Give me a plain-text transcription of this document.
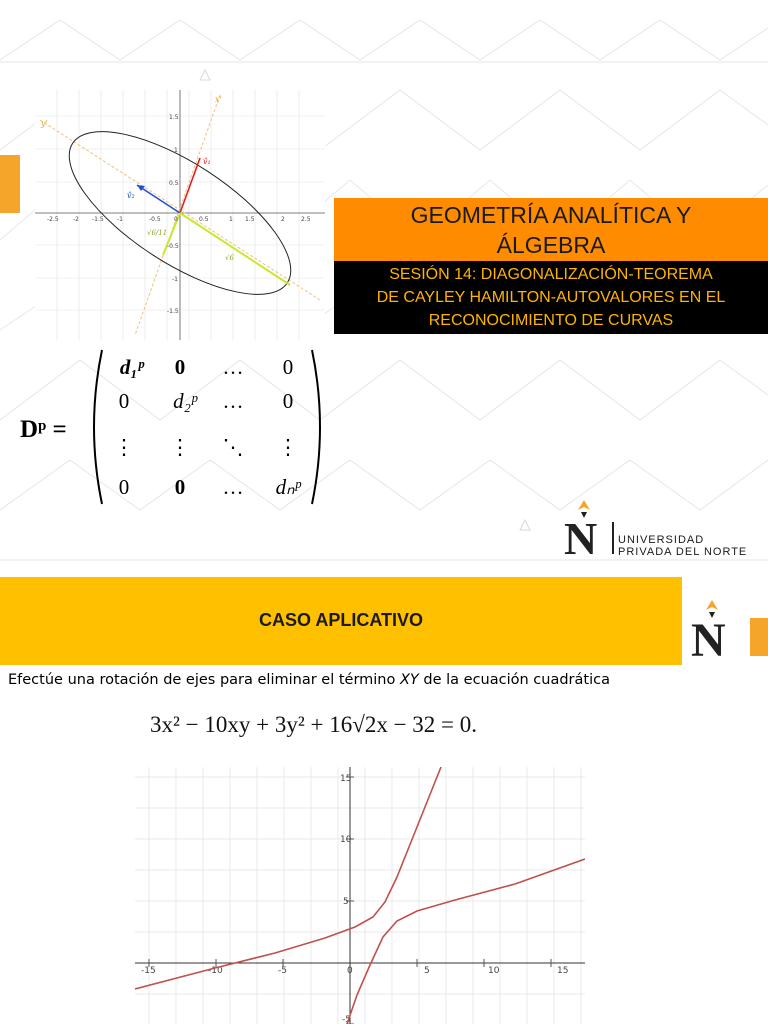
-2.5 -2 -1.5 -1	-0.5 0	0.5	1 1.5	2	2.5
1.5
1
0.5
-0.5
-1
-1.5
x'
y'
v̂₁
v̂₂
√6/11
√6
GEOMETRÍA ANALÍTICA Y
ÁLGEBRA
SESIÓN 14: DIAGONALIZACIÓN-TEOREMA
DE CAYLEY HAMILTON-AUTOVALORES EN EL
RECONOCIMIENTO DE CURVAS
Dᵖ =
d₁ᵖ 0 … 0
0 d₂ᵖ … 0
⋮ ⋮ ⋱ ⋮
0 0 … dₙᵖ
N UNIVERSIDAD
PRIVADA DEL NORTE
CASO APLICATIVO	N
Efectúe una rotación de ejes para eliminar el término XY de la ecuación cuadrática
3x² − 10xy + 3y² + 16√2x − 32 = 0.
-15	-10	-5	0	5	10	15
15
10
5
-5
